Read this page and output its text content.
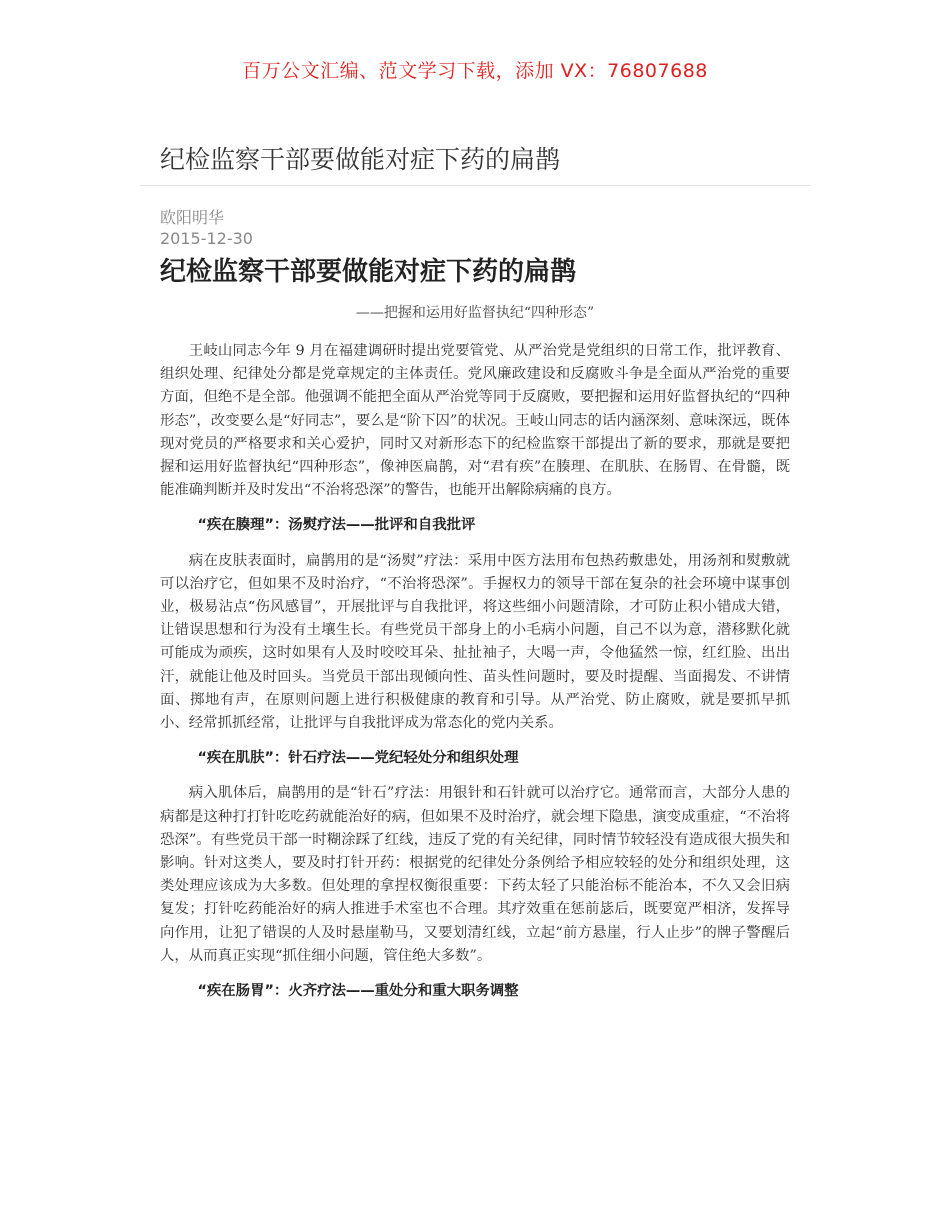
百万公文汇编、范文学习下载，添加 VX：76807688
纪检监察干部要做能对症下药的扁鹊
欧阳明华
2015-12-30
纪检监察干部要做能对症下药的扁鹊
——把握和运用好监督执纪“四种形态”

王岐山同志今年 9 月在福建调研时提出党要管党、从严治党是党组织的日常工作，批评教育、组织处理、纪律处分都是党章规定的主体责任。党风廉政建设和反腐败斗争是全面从严治党的重要方面，但绝不是全部。他强调不能把全面从严治党等同于反腐败，要把握和运用好监督执纪的“四种形态”，改变要么是“好同志”，要么是“阶下囚”的状况。王岐山同志的话内涵深刻、意味深远，既体现对党员的严格要求和关心爱护，同时又对新形态下的纪检监察干部提出了新的要求，那就是要把握和运用好监督执纪“四种形态”，像神医扁鹊，对“君有疾”在腠理、在肌肤、在肠胃、在骨髓，既能准确判断并及时发出“不治将恐深”的警告，也能开出解除病痛的良方。

“疾在腠理”：汤熨疗法——批评和自我批评

病在皮肤表面时，扁鹊用的是“汤熨”疗法：采用中医方法用布包热药敷患处，用汤剂和熨敷就可以治疗它，但如果不及时治疗，“不治将恐深”。手握权力的领导干部在复杂的社会环境中谋事创业，极易沾点“伤风感冒”，开展批评与自我批评，将这些细小问题清除，才可防止积小错成大错，让错误思想和行为没有土壤生长。有些党员干部身上的小毛病小问题，自己不以为意，潜移默化就可能成为顽疾，这时如果有人及时咬咬耳朵、扯扯袖子，大喝一声，令他猛然一惊，红红脸、出出汗，就能让他及时回头。当党员干部出现倾向性、苗头性问题时，要及时提醒、当面揭发、不讲情面、掷地有声，在原则问题上进行积极健康的教育和引导。从严治党、防止腐败，就是要抓早抓小、经常抓抓经常，让批评与自我批评成为常态化的党内关系。

“疾在肌肤”：针石疗法——党纪轻处分和组织处理

病入肌体后，扁鹊用的是“针石”疗法：用银针和石针就可以治疗它。通常而言，大部分人患的病都是这种打打针吃吃药就能治好的病，但如果不及时治疗，就会埋下隐患，演变成重症，“不治将恐深”。有些党员干部一时糊涂踩了红线，违反了党的有关纪律，同时情节较轻没有造成很大损失和影响。针对这类人，要及时打针开药：根据党的纪律处分条例给予相应较轻的处分和组织处理，这类处理应该成为大多数。但处理的拿捏权衡很重要：下药太轻了只能治标不能治本，不久又会旧病复发；打针吃药能治好的病人推进手术室也不合理。其疗效重在惩前毖后，既要宽严相济，发挥导向作用，让犯了错误的人及时悬崖勒马，又要划清红线，立起“前方悬崖，行人止步”的牌子警醒后人，从而真正实现“抓住细小问题，管住绝大多数”。

“疾在肠胃”：火齐疗法——重处分和重大职务调整
